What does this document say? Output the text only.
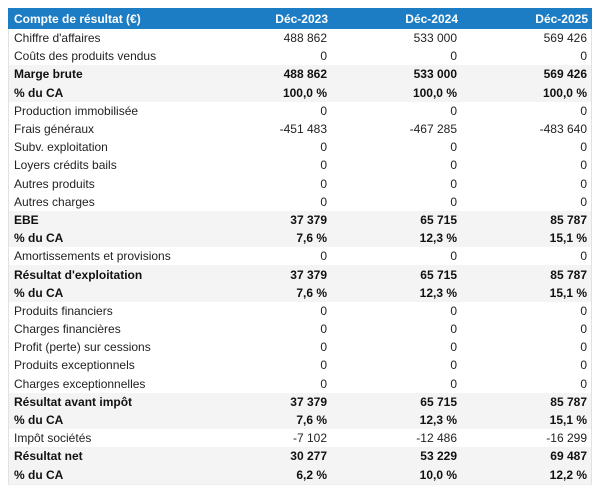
Compte de résultat (€)	Déc-2023	Déc-2024	Déc-2025
Chiffre d'affaires	488 862	533 000	569 426
Coûts des produits vendus	0	0	0
Marge brute	488 862	533 000	569 426
% du CA	100,0 %	100,0 %	100,0 %
Production immobilisée	0	0	0
Frais généraux	-451 483	-467 285	-483 640
Subv. exploitation	0	0	0
Loyers crédits bails	0	0	0
Autres produits	0	0	0
Autres charges	0	0	0
EBE	37 379	65 715	85 787
% du CA	7,6 %	12,3 %	15,1 %
Amortissements et provisions	0	0	0
Résultat d'exploitation	37 379	65 715	85 787
% du CA	7,6 %	12,3 %	15,1 %
Produits financiers	0	0	0
Charges financières	0	0	0
Profit (perte) sur cessions	0	0	0
Produits exceptionnels	0	0	0
Charges exceptionnelles	0	0	0
Résultat avant impôt	37 379	65 715	85 787
% du CA	7,6 %	12,3 %	15,1 %
Impôt sociétés	-7 102	-12 486	-16 299
Résultat net	30 277	53 229	69 487
% du CA	6,2 %	10,0 %	12,2 %
